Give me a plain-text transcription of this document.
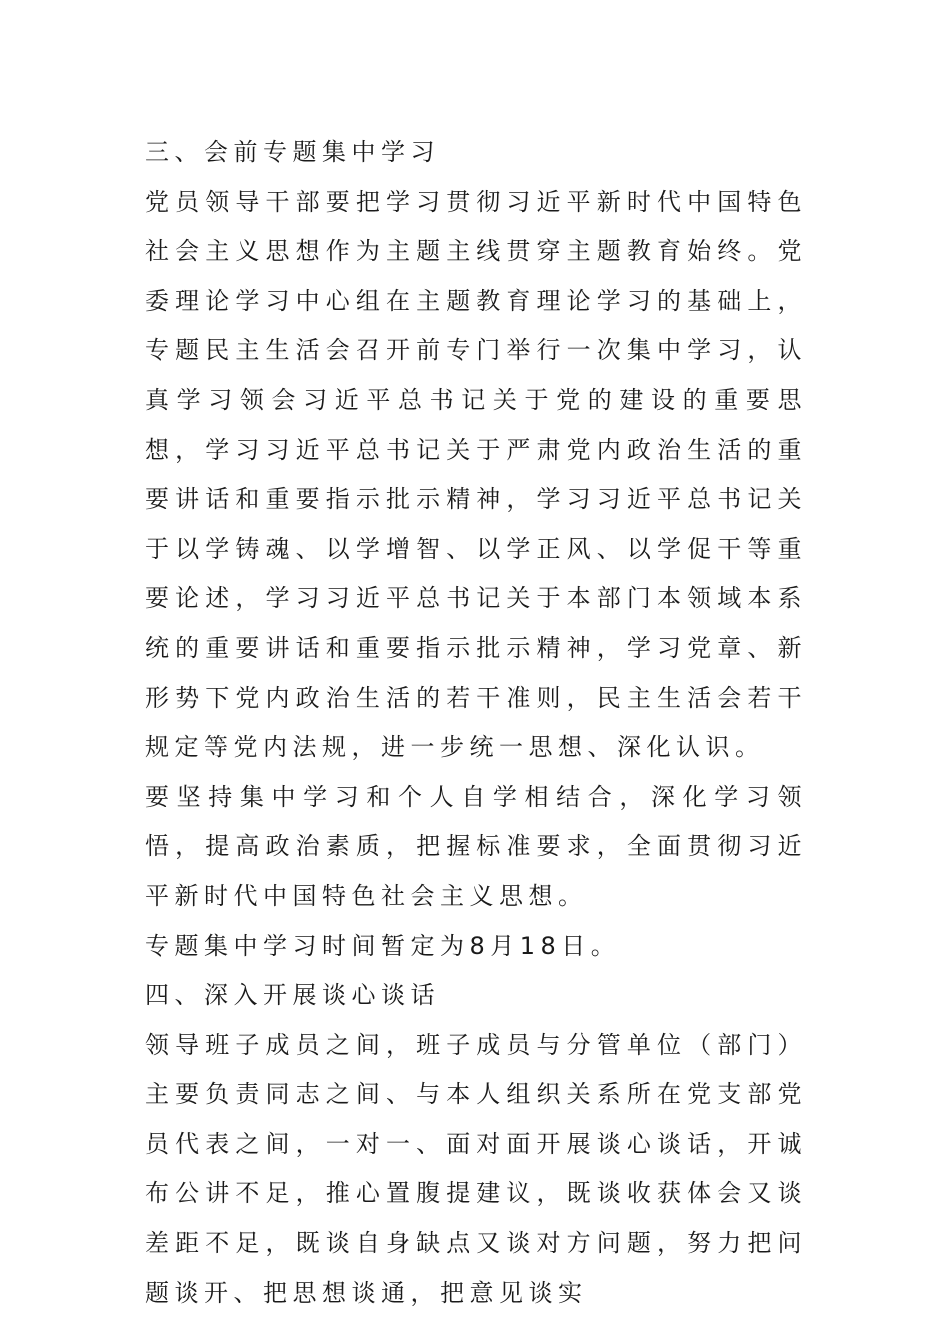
三、会前专题集中学习

党员领导干部要把学习贯彻习近平新时代中国特色社会主义思想作为主题主线贯穿主题教育始终。党委理论学习中心组在主题教育理论学习的基础上，专题民主生活会召开前专门举行一次集中学习，认真学习领会习近平总书记关于党的建设的重要思想，学习习近平总书记关于严肃党内政治生活的重要讲话和重要指示批示精神，学习习近平总书记关于以学铸魂、以学增智、以学正风、以学促干等重要论述，学习习近平总书记关于本部门本领域本系统的重要讲话和重要指示批示精神，学习党章、新形势下党内政治生活的若干准则，民主生活会若干规定等党内法规，进一步统一思想、深化认识。

要坚持集中学习和个人自学相结合，深化学习领悟，提高政治素质，把握标准要求，全面贯彻习近平新时代中国特色社会主义思想。

专题集中学习时间暂定为8月18日。

四、深入开展谈心谈话

领导班子成员之间，班子成员与分管单位（部门）主要负责同志之间、与本人组织关系所在党支部党员代表之间，一对一、面对面开展谈心谈话，开诚布公讲不足，推心置腹提建议，既谈收获体会又谈差距不足，既谈自身缺点又谈对方问题，努力把问题谈开、把思想谈通，把意见谈实
